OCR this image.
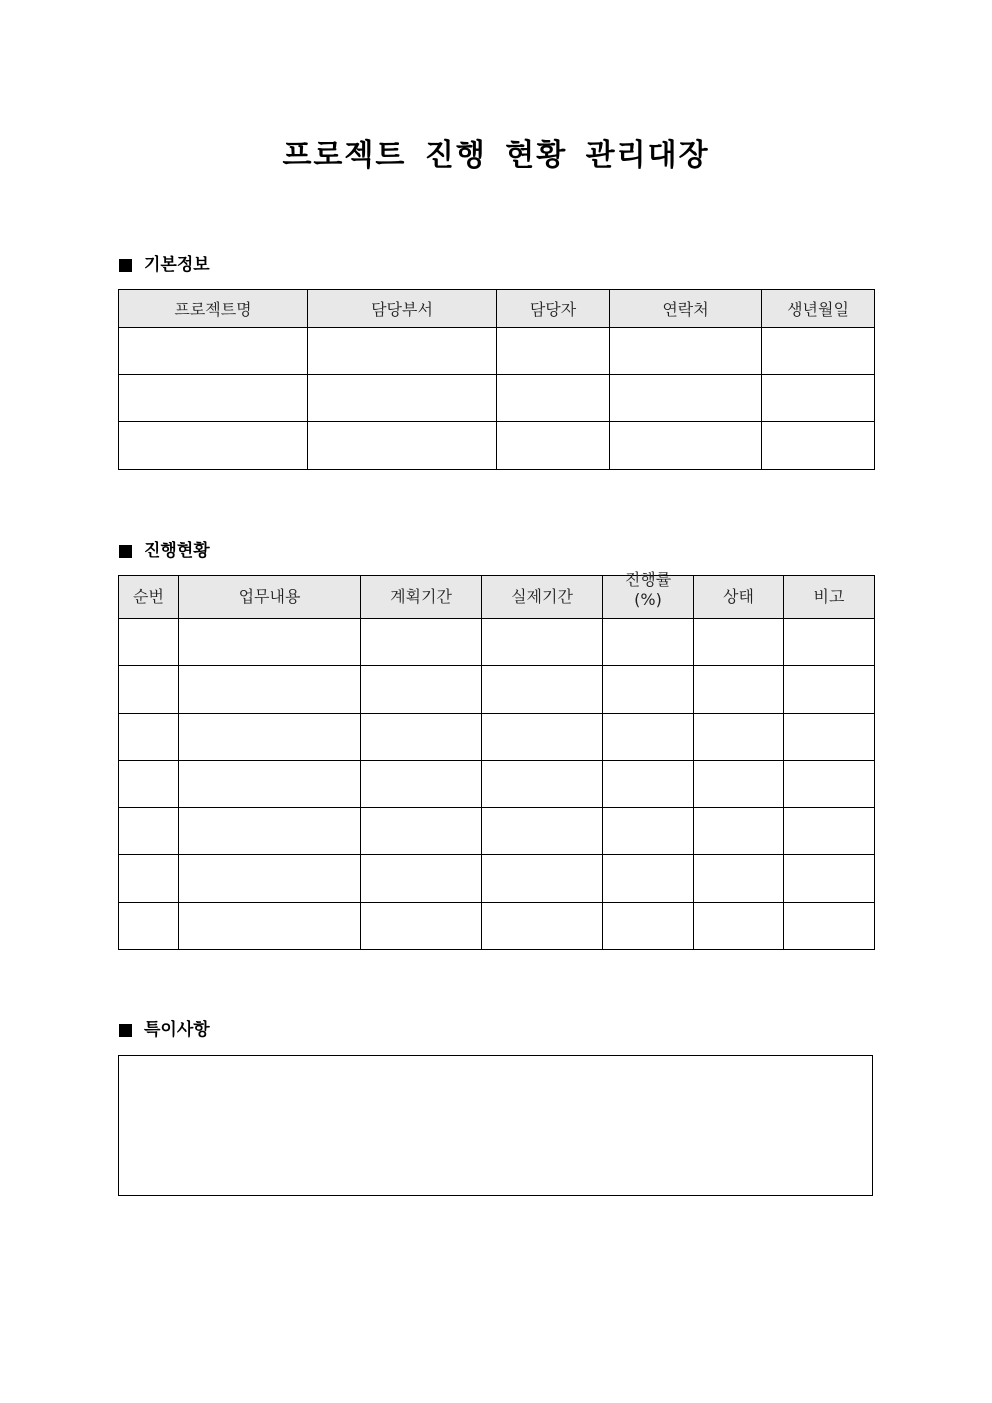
프로젝트 진행 현황 관리대장
기본정보
프로젝트명	담당부서	담당자	연락처	생년월일

진행현황
순번	업무내용	계획기간	실제기간	진행률(%)	상태	비고

특이사항
